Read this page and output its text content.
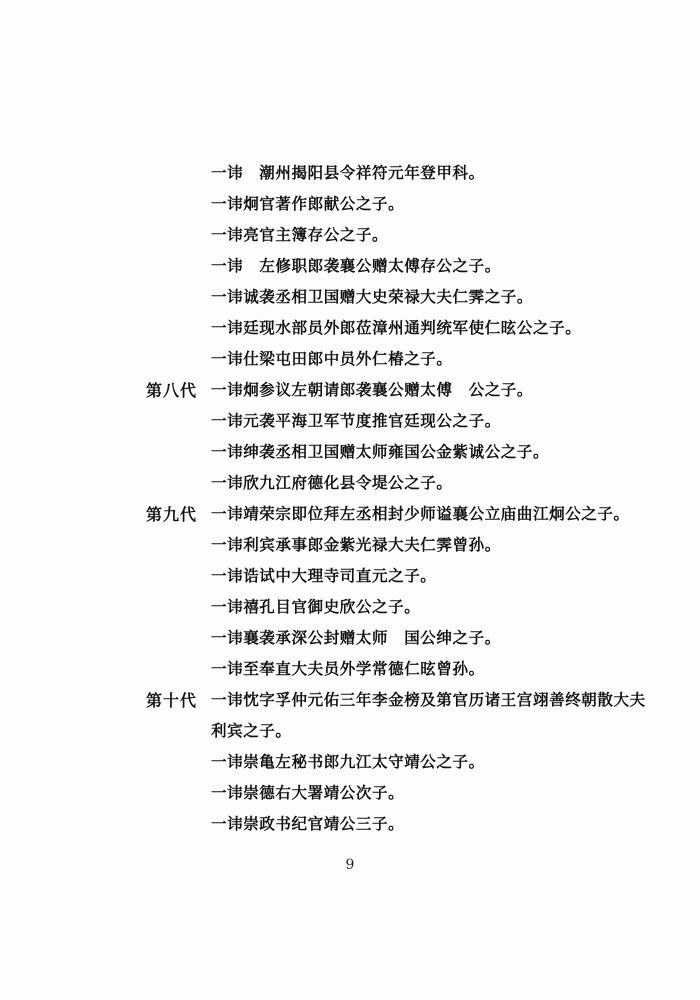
一讳　潮州揭阳县令祥符元年登甲科。
一讳炯官著作郎献公之子。
一讳亮官主簿存公之子。
一讳　左修职郎袭襄公赠太傅存公之子。
一讳诚袭丞相卫国赠大史荣禄大夫仁霁之子。
一讳廷现水部员外郎莅漳州通判统军使仁昡公之子。
一讳仕梁屯田郎中员外仁椿之子。
第八代 一讳炯参议左朝请郎袭襄公赠太傅　公之子。
一讳元袭平海卫军节度推官廷现公之子。
一讳绅袭丞相卫国赠太师雍国公金紫诚公之子。
一讳欣九江府德化县令堤公之子。
第九代 一讳靖荣宗即位拜左丞相封少师谥襄公立庙曲江炯公之子。
一讳利宾承事郎金紫光禄大夫仁霁曾孙。
一讳诰试中大理寺司直元之子。
一讳禧孔目官御史欣公之子。
一讳襄袭承深公封赠太师　国公绅之子。
一讳至奉直大夫员外学常德仁昡曾孙。
第十代 一讳忱字孚仲元佑三年李金榜及第官历诸王宫翊善终朝散大夫
利宾之子。
一讳崇亀左秘书郎九江太守靖公之子。
一讳崇德右大署靖公次子。
一讳崇政书纪官靖公三子。
9
